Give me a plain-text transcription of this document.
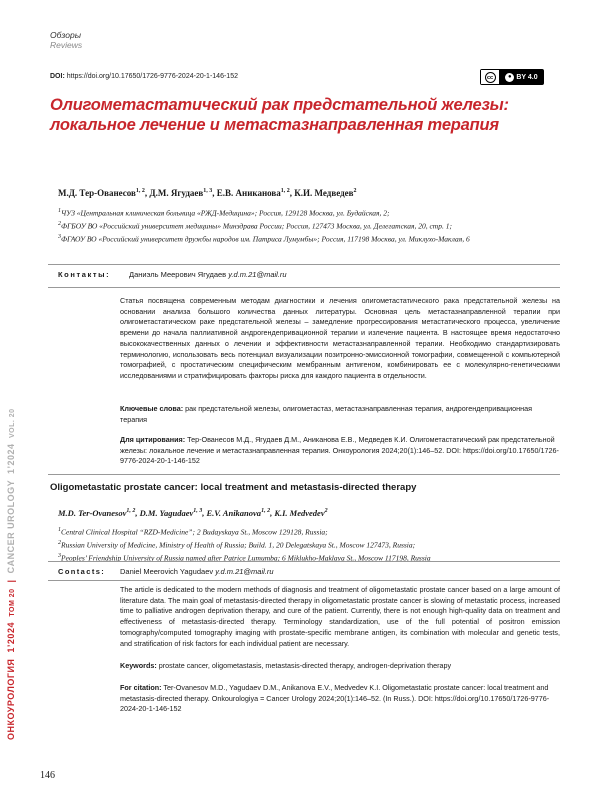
Обзоры
Reviews
DOI: https://doi.org/10.17650/1726-9776-2024-20-1-146-152	cc	● BY 4.0
Олигометастатический рак предстательной железы: локальное лечение и метастазнаправленная терапия
М.Д. Тер-Ованесов1, 2, Д.М. Ягудаев1, 3, Е.В. Аниканова1, 2, К.И. Медведев2
1ЧУЗ «Центральная клиническая больница «РЖД-Медицина»; Россия, 129128 Москва, ул. Будайская, 2;
2ФГБОУ ВО «Российский университет медицины» Минздрава России; Россия, 127473 Москва, ул. Делегатская, 20, стр. 1;
3ФГАОУ ВО «Российский университет дружбы народов им. Патриса Лумумбы»; Россия, 117198 Москва, ул. Миклухо-Маклая, 6
Контакты: Даниэль Меерович Ягудаев y.d.m.21@mail.ru
Статья посвящена современным методам диагностики и лечения олигометастатического рака предстательной железы на основании анализа большого количества данных литературы. Основная цель метастазнаправленной терапии при олигометастатическом раке предстательной железы – замедление прогрессирования метастатического процесса, увеличение времени до начала паллиативной андрогендепривационной терапии и излечение пациента. В настоящее время недостаточно высококачественных данных о лечении и эффективности метастазнаправленной терапии. Необходимо стандартизировать терминологию, использовать весь потенциал визуализации позитронно-эмиссионной томографии, совмещенной с компьютерной томографией, с простатическим специфическим мембранным антигеном, комбинировать ее с молекулярно-генетическими исследованиями и стратифицировать факторы риска для каждого пациента в отдельности.
Ключевые слова: рак предстательной железы, олигометастаз, метастазнаправленная терапия, андрогендепривационная терапия
Для цитирования: Тер-Ованесов М.Д., Ягудаев Д.М., Аниканова Е.В., Медведев К.И. Олигометастатический рак предстательной железы: локальное лечение и метастазнаправленная терапия. Онкоурология 2024;20(1):146–52. DOI: https://doi.org/10.17650/1726-9776-2024-20-1-146-152
Oligometastatic prostate cancer: local treatment and metastasis-directed therapy
M.D. Ter-Ovanesov1, 2, D.M. Yagudaev1, 3, E.V. Anikanova1, 2, K.I. Medvedev2
1Central Clinical Hospital “RZD-Medicine”; 2 Budayskaya St., Moscow 129128, Russia;
2Russian University of Medicine, Ministry of Health of Russia; Build. 1, 20 Delegatskaya St., Moscow 127473, Russia;
3Peoples’ Friendship University of Russia named after Patrice Lumumba; 6 Miklukho-Maklaya St., Moscow 117198, Russia
Contacts: Daniel Meerovich Yagudaev y.d.m.21@mail.ru
The article is dedicated to the modern methods of diagnosis and treatment of oligometastatic prostate cancer based on a large amount of literature data. The main goal of metastasis-directed therapy in oligometastatic prostate cancer is slowing of metastatic process, increased time to palliative androgen deprivation therapy, and cure of the patient. Currently, there is not enough high-quality data on treatment and effectiveness of metastasis-directed therapy. Terminology standardization, use of the full potential of positron emission tomography/computed tomography imaging with prostate-specific membrane antigen, its combination with molecular and genetic tests, and stratification of risk factors for each individual patient are necessary.
Keywords: prostate cancer, oligometastasis, metastasis-directed therapy, androgen-deprivation therapy
For citation: Ter-Ovanesov M.D., Yagudaev D.M., Anikanova E.V., Medvedev K.I. Oligometastatic prostate cancer: local treatment and metastasis-directed therapy. Onkourologiya = Cancer Urology 2024;20(1):146–52. (In Russ.). DOI: https://doi.org/10.17650/1726-9776-2024-20-1-146-152
ОНКОУРОЛОГИЯ  1’2024  ТОМ 20  |  CANCER UROLOGY  1’2024  VOL. 20
146
